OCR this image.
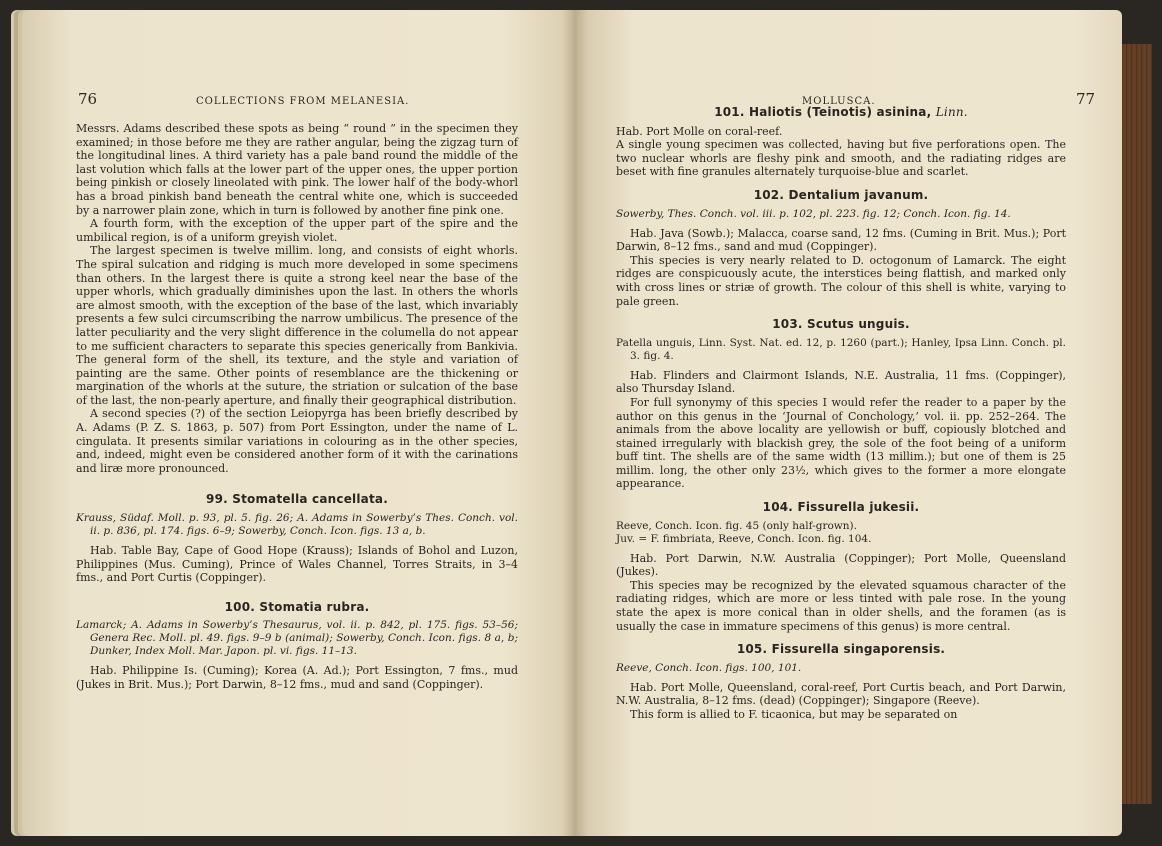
76	COLLECTIONS FROM MELANESIA.

Messrs. Adams described these spots as being “ round ” in the specimen they examined; in those before me they are rather angular, being the zigzag turn of the longitudinal lines. A third variety has a pale band round the middle of the last volution which falls at the lower part of the upper ones, the upper portion being pinkish or closely lineolated with pink. The lower half of the body-whorl has a broad pinkish band beneath the central white one, which is succeeded by a narrower plain zone, which in turn is followed by another fine pink one.

A fourth form, with the exception of the upper part of the spire and the umbilical region, is of a uniform greyish violet.

The largest specimen is twelve millim. long, and consists of eight whorls. The spiral sulcation and ridging is much more developed in some specimens than others. In the largest there is quite a strong keel near the base of the upper whorls, which gradually diminishes upon the last. In others the whorls are almost smooth, with the exception of the base of the last, which invariably presents a few sulci circumscribing the narrow umbilicus. The presence of the latter peculiarity and the very slight difference in the columella do not appear to me sufficient characters to separate this species generically from Bankivia. The general form of the shell, its texture, and the style and variation of painting are the same. Other points of resemblance are the thickening or margination of the whorls at the suture, the striation or sulcation of the base of the last, the non-pearly aperture, and finally their geographical distribution.

A second species (?) of the section Leiopyrga has been briefly described by A. Adams (P. Z. S. 1863, p. 507) from Port Essington, under the name of L. cingulata. It presents similar variations in colouring as in the other species, and, indeed, might even be considered another form of it with the carinations and liræ more pronounced.

99. Stomatella cancellata.
Krauss, Südaf. Moll. p. 93, pl. 5. fig. 26; A. Adams in Sowerby’s Thes. Conch. vol. ii. p. 836, pl. 174. figs. 6–9; Sowerby, Conch. Icon. figs. 13 a, b.

Hab. Table Bay, Cape of Good Hope (Krauss); Islands of Bohol and Luzon, Philippines (Mus. Cuming), Prince of Wales Channel, Torres Straits, in 3–4 fms., and Port Curtis (Coppinger).

100. Stomatia rubra.
Lamarck; A. Adams in Sowerby’s Thesaurus, vol. ii. p. 842, pl. 175. figs. 53–56; Genera Rec. Moll. pl. 49. figs. 9–9 b (animal); Sowerby, Conch. Icon. figs. 8 a, b; Dunker, Index Moll. Mar. Japon. pl. vi. figs. 11–13.

Hab. Philippine Is. (Cuming); Korea (A. Ad.); Port Essington, 7 fms., mud (Jukes in Brit. Mus.); Port Darwin, 8–12 fms., mud and sand (Coppinger).

MOLLUSCA.	77
101. Haliotis (Teinotis) asinina, Linn.

Hab. Port Molle on coral-reef.

A single young specimen was collected, having but five perforations open. The two nuclear whorls are fleshy pink and smooth, and the radiating ridges are beset with fine granules alternately turquoise-blue and scarlet.

102. Dentalium javanum.
Sowerby, Thes. Conch. vol. iii. p. 102, pl. 223. fig. 12; Conch. Icon. fig. 14.

Hab. Java (Sowb.); Malacca, coarse sand, 12 fms. (Cuming in Brit. Mus.); Port Darwin, 8–12 fms., sand and mud (Coppinger).

This species is very nearly related to D. octogonum of Lamarck. The eight ridges are conspicuously acute, the interstices being flattish, and marked only with cross lines or striæ of growth. The colour of this shell is white, varying to pale green.

103. Scutus unguis.
Patella unguis, Linn. Syst. Nat. ed. 12, p. 1260 (part.); Hanley, Ipsa Linn. Conch. pl. 3. fig. 4.

Hab. Flinders and Clairmont Islands, N.E. Australia, 11 fms. (Coppinger), also Thursday Island.

For full synonymy of this species I would refer the reader to a paper by the author on this genus in the ‘Journal of Conchology,’ vol. ii. pp. 252–264. The animals from the above locality are yellowish or buff, copiously blotched and stained irregularly with blackish grey, the sole of the foot being of a uniform buff tint. The shells are of the same width (13 millim.); but one of them is 25 millim. long, the other only 23½, which gives to the former a more elongate appearance.

104. Fissurella jukesii.
Reeve, Conch. Icon. fig. 45 (only half-grown).
Juv. = F. fimbriata, Reeve, Conch. Icon. fig. 104.

Hab. Port Darwin, N.W. Australia (Coppinger); Port Molle, Queensland (Jukes).

This species may be recognized by the elevated squamous character of the radiating ridges, which are more or less tinted with pale rose. In the young state the apex is more conical than in older shells, and the foramen (as is usually the case in immature specimens of this genus) is more central.

105. Fissurella singaporensis.
Reeve, Conch. Icon. figs. 100, 101.

Hab. Port Molle, Queensland, coral-reef, Port Curtis beach, and Port Darwin, N.W. Australia, 8–12 fms. (dead) (Coppinger); Singapore (Reeve).

This form is allied to F. ticaonica, but may be separated on
